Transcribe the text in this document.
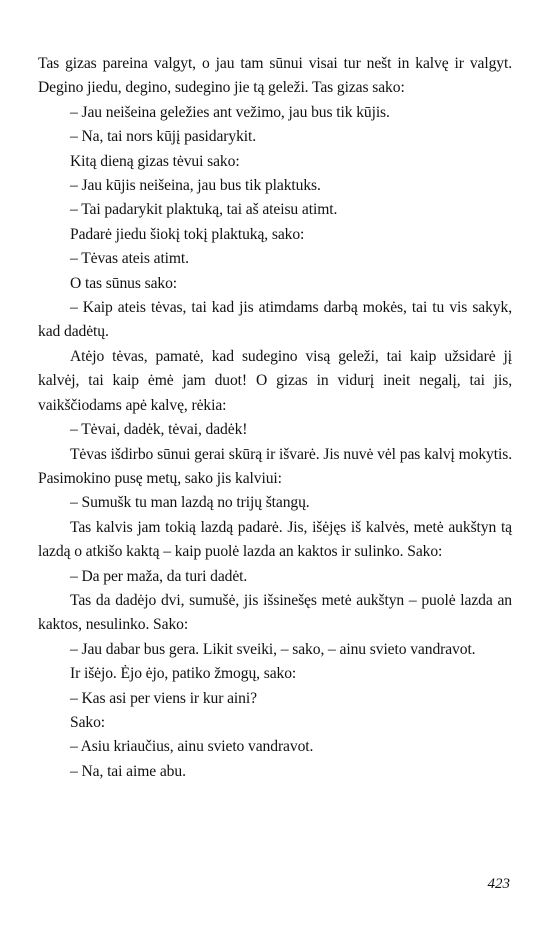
Tas gizas pareina valgyt, o jau tam sūnui visai tur nešt in kalvę ir valgyt. Degino jiedu, degino, sudegino jie tą geleži. Tas gizas sako:

– Jau neišeina geležies ant vežimo, jau bus tik kūjis.

– Na, tai nors kūjį pasidarykit.

Kitą dieną gizas tėvui sako:

– Jau kūjis neišeina, jau bus tik plaktuks.

– Tai padarykit plaktuką, tai aš ateisu atimt.

Padarė jiedu šiokį tokį plaktuką, sako:

– Tėvas ateis atimt.

O tas sūnus sako:

– Kaip ateis tėvas, tai kad jis atimdams darbą mokės, tai tu vis sakyk, kad dadėtų.

Atėjo tėvas, pamatė, kad sudegino visą geleži, tai kaip užsidarė jį kalvėj, tai kaip ėmė jam duot! O gizas in vidurį ineit negalį, tai jis, vaikščiodams apė kalvę, rėkia:

– Tėvai, dadėk, tėvai, dadėk!

Tėvas išdirbo sūnui gerai skūrą ir išvarė. Jis nuvė vėl pas kalvį mokytis. Pasimokino pusę metų, sako jis kalviui:

– Sumušk tu man lazdą no trijų štangų.

Tas kalvis jam tokią lazdą padarė. Jis, išėjęs iš kalvės, metė aukštyn tą lazdą o atkišo kaktą – kaip puolė lazda an kaktos ir sulinko. Sako:

– Da per maža, da turi dadėt.

Tas da dadėjo dvi, sumušė, jis išsinešęs metė aukštyn – puolė lazda an kaktos, nesulinko. Sako:

– Jau dabar bus gera. Likit sveiki, – sako, – ainu svieto vandravot.

Ir išėjo. Ėjo ėjo, patiko žmogų, sako:

– Kas asi per viens ir kur aini?

Sako:

– Asiu kriaučius, ainu svieto vandravot.

– Na, tai aime abu.

423
